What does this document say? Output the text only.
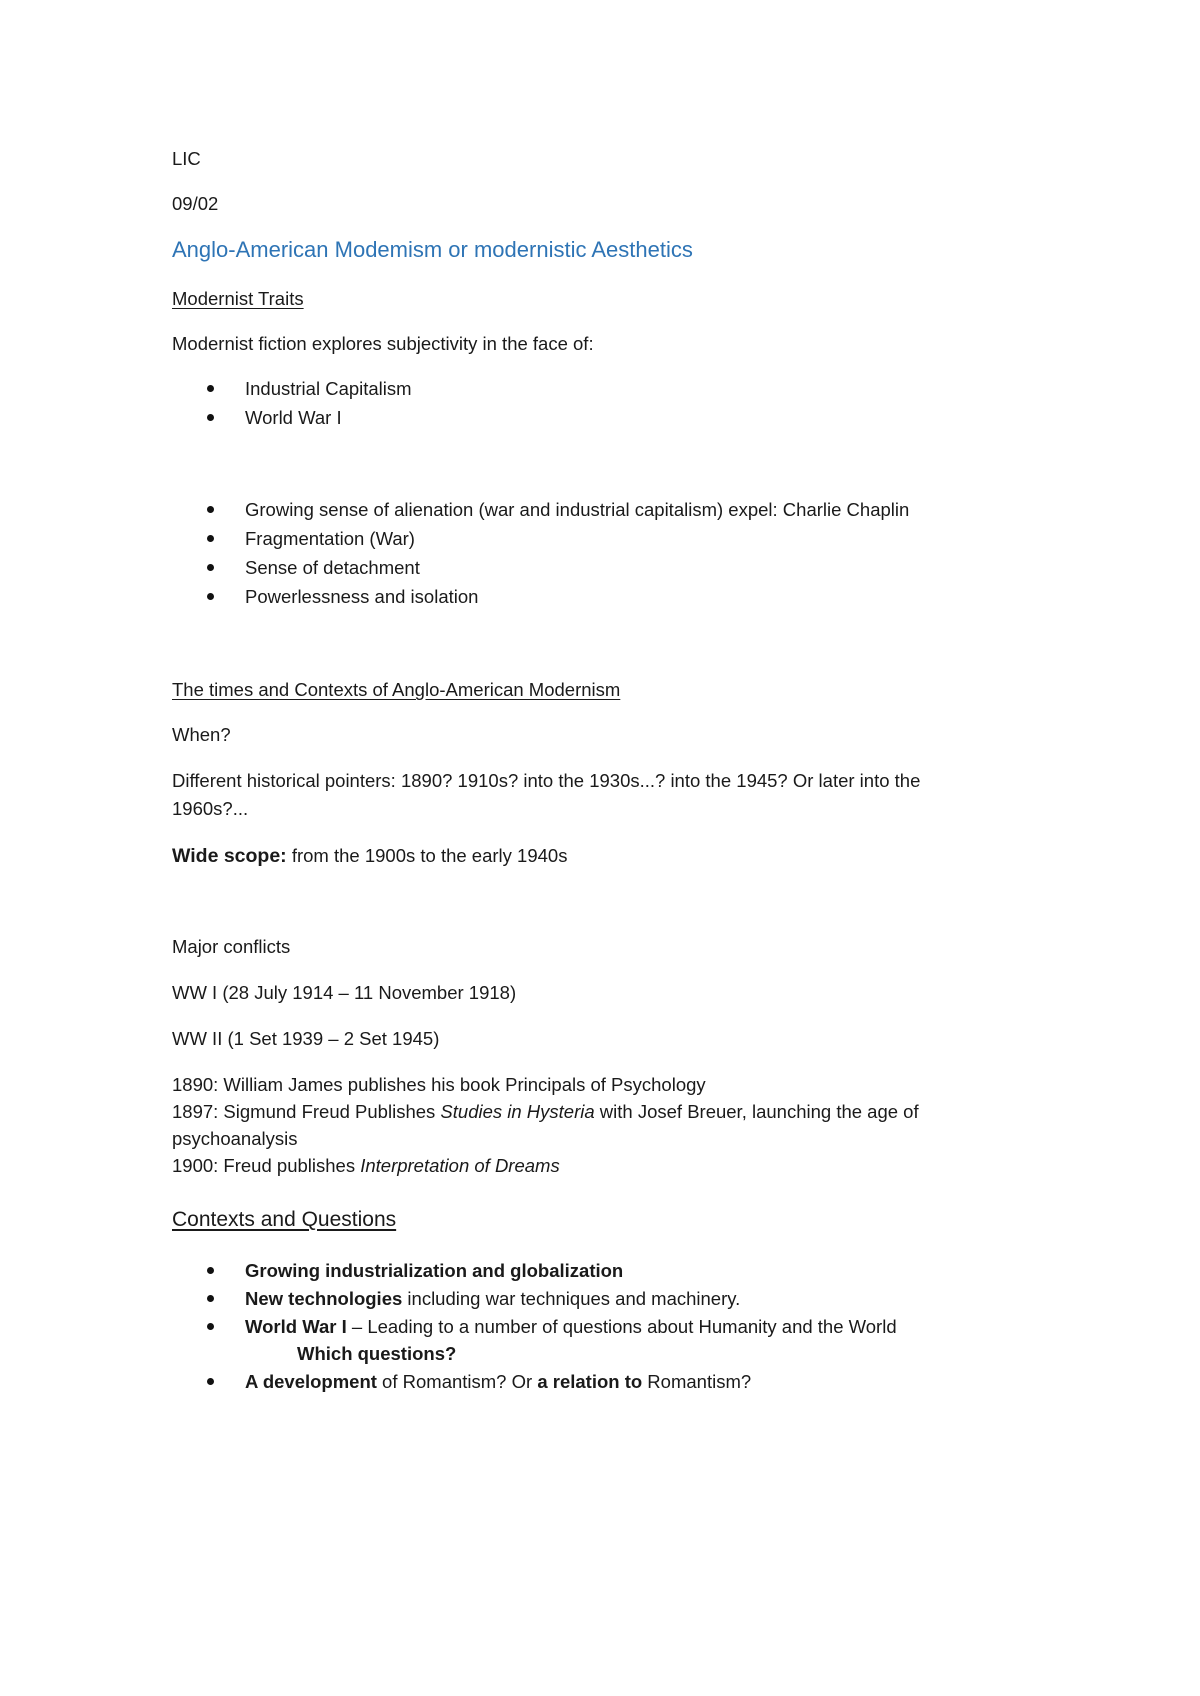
LIC
09/02
Anglo-American Modemism or modernistic Aesthetics
Modernist Traits
Modernist fiction explores subjectivity in the face of:
Industrial Capitalism
World War I
Growing sense of alienation (war and industrial capitalism) expel: Charlie Chaplin
Fragmentation (War)
Sense of detachment
Powerlessness and isolation
The times and Contexts of Anglo-American Modernism
When?
Different historical pointers: 1890? 1910s? into the 1930s...? into the 1945? Or later into the
1960s?...
Wide scope: from the 1900s to the early 1940s
Major conflicts
WW I (28 July 1914 – 11 November 1918)
WW II (1 Set 1939 – 2 Set 1945)
1890: William James publishes his book Principals of Psychology
1897: Sigmund Freud Publishes Studies in Hysteria with Josef Breuer, launching the age of
psychoanalysis
1900: Freud publishes Interpretation of Dreams
Contexts and Questions
Growing industrialization and globalization
New technologies including war techniques and machinery.
World War I – Leading to a number of questions about Humanity and the World
Which questions?
A development of Romantism? Or a relation to Romantism?
